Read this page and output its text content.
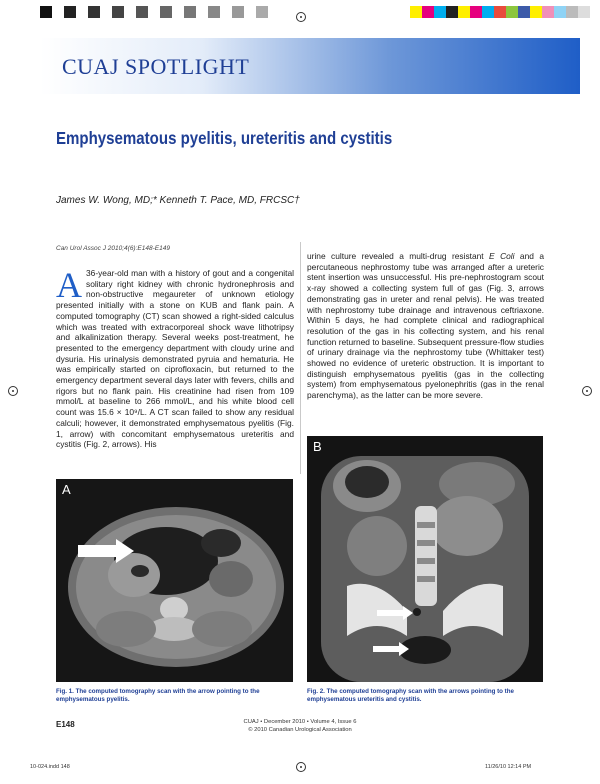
CUAJ SPOTLIGHT
Emphysematous pyelitis, ureteritis and cystitis
James W. Wong, MD;* Kenneth T. Pace, MD, FRCSC†
Can Urol Assoc J 2010;4(6):E148-E149
A 36-year-old man with a history of gout and a congenital solitary right kidney with chronic hydronephrosis and non-obstructive megaureter of unknown etiology presented initially with a stone on KUB and flank pain. A computed tomography (CT) scan showed a right-sided calculus which was treated with extracorporeal shock wave lithotripsy and alkalinization therapy. Several weeks post-treatment, he presented to the emergency department with cloudy urine and dysuria. His urinalysis demonstrated pyruia and hematuria. He was empirically started on ciprofloxacin, but returned to the emergency department several days later with fevers, chills and rigors but no flank pain. His creatinine had risen from 109 mmol/L at baseline to 266 mmol/L, and his white blood cell count was 15.6 × 10⁹/L. A CT scan failed to show any residual calculi; however, it demonstrated emphysematous pyelitis (Fig. 1, arrow) with concomitant emphysematous ureteritis and cystitis (Fig. 2, arrows). His
urine culture revealed a multi-drug resistant E Coli and a percutaneous nephrostomy tube was arranged after a ureteric stent insertion was unsuccessful. His pre-nephrostogram scout x-ray showed a collecting system full of gas (Fig. 3, arrows demonstrating gas in ureter and renal pelvis). He was treated with nephrostomy tube drainage and intravenous ceftriaxone. Within 5 days, he had complete clinical and radiographical resolution of the gas in his collecting system, and his renal function returned to baseline. Subsequent pressure-flow studies of urinary drainage via the nephrostomy tube (Whittaker test) showed no evidence of ureteric obstruction. It is important to distinguish emphysematous pyelitis (gas in the collecting system) from emphysematous pyelonephritis (gas in the renal parenchyma), as the latter can be more severe.
A
B
Fig. 1. The computed tomography scan with the arrow pointing to the emphysematous pyelitis.
Fig. 2. The computed tomography scan with the arrows pointing to the emphysematous ureteritis and cystitis.
E148	CUAJ • December 2010 • Volume 4, Issue 6
© 2010 Canadian Urological Association
10-024.indd 148	11/26/10 12:14 PM
